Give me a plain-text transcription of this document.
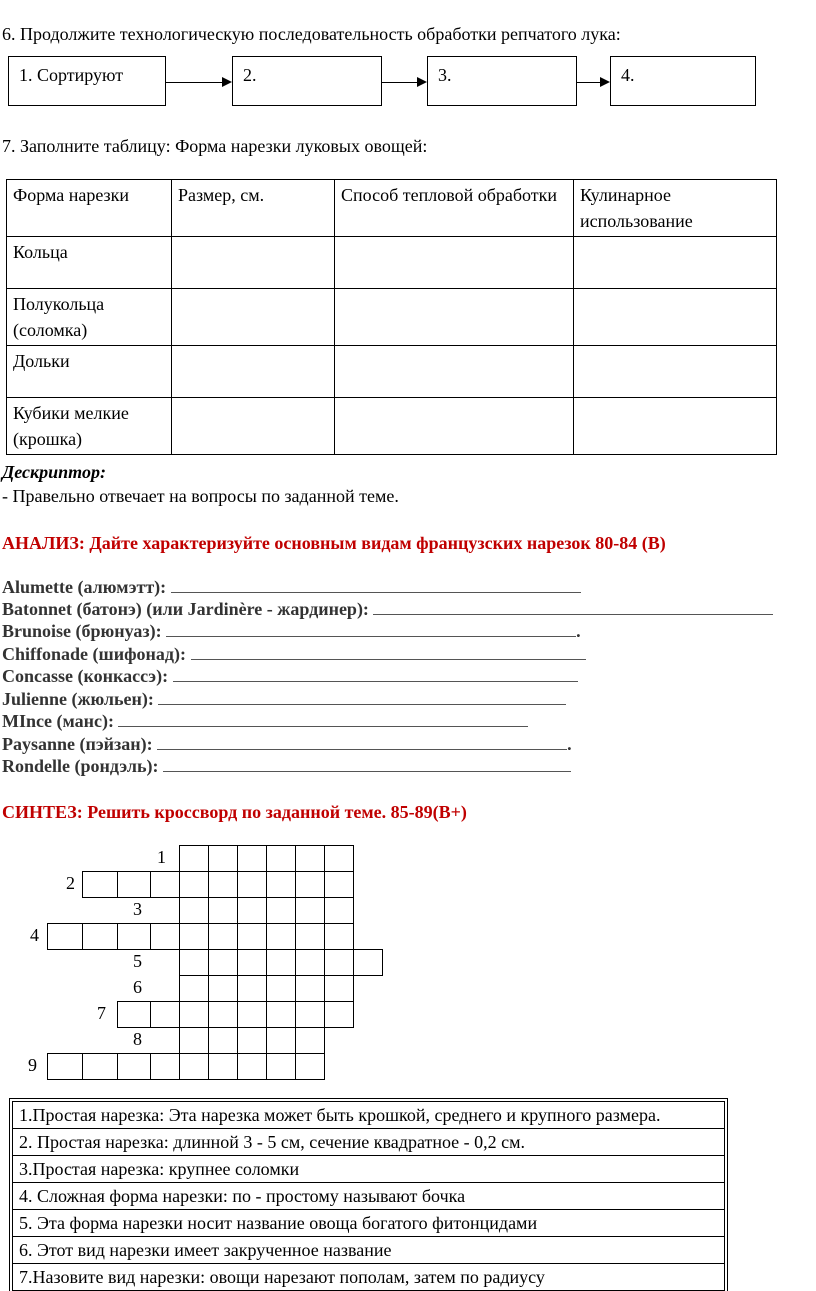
6. Продолжите технологическую последовательность обработки репчатого лука:
1. Сортируют	2.	3.	4.
7. Заполните таблицу: Форма нарезки луковых овощей:
Форма нарезки	Размер, см.	Способ тепловой обработки	Кулинарное использование
Кольца			
Полукольца (соломка)			
Дольки			
Кубики мелкие (крошка)			
Дескриптор:
- Правельно отвечает на вопросы по заданной теме.
АНАЛИЗ: Дайте характеризуйте основным видам французских нарезок 80-84 (В)
Alumette (алюмэтт):
Batonnet (батонэ) (или Jardinère - жардинер):
Brunoise (брюнуаз):	.
Chiffonade (шифонад):
Concasse (конкассэ):
Julienne (жюльен):
MInce (манс):
Paysanne (пэйзан):	.
Rondelle (рондэль):
СИНТЕЗ: Решить кроссворд по заданной теме. 85-89(В+)
1
2
3
4
5
6
7
8
9
1.Простая нарезка: Эта нарезка может быть крошкой, среднего и крупного размера.
2. Простая нарезка: длинной 3 - 5 см, сечение квадратное - 0,2 см.
3.Простая нарезка: крупнее соломки
4. Сложная форма нарезки: по - простому называют бочка
5. Эта форма нарезки носит название овоща богатого фитонцидами
6. Этот вид нарезки имеет закрученное название
7.Назовите вид нарезки: овощи нарезают пополам, затем по радиусу
